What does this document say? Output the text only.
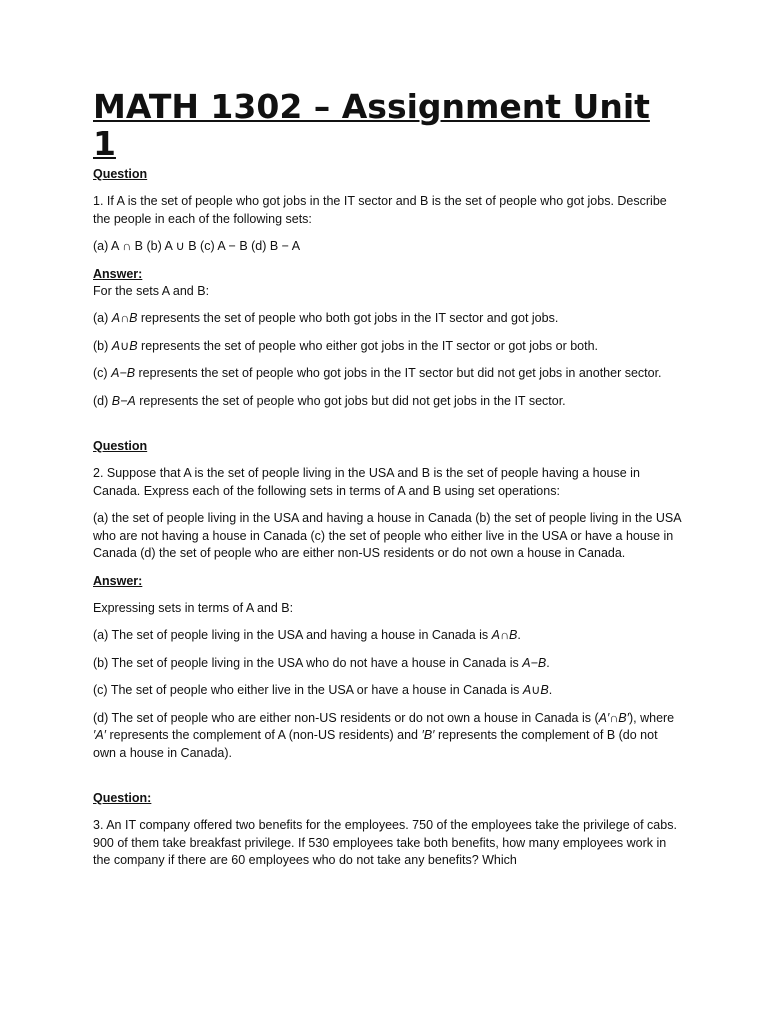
MATH 1302 – Assignment Unit 1
Question

1. If A is the set of people who got jobs in the IT sector and B is the set of people who got jobs. Describe the people in each of the following sets:

(a) A ∩ B (b) A ∪ B (c) A − B (d) B − A

Answer:

For the sets A and B:

(a) A∩B represents the set of people who both got jobs in the IT sector and got jobs.

(b) A∪B represents the set of people who either got jobs in the IT sector or got jobs or both.

(c) A−B represents the set of people who got jobs in the IT sector but did not get jobs in another sector.

(d) B−A represents the set of people who got jobs but did not get jobs in the IT sector.

Question

2. Suppose that A is the set of people living in the USA and B is the set of people having a house in Canada. Express each of the following sets in terms of A and B using set operations:

(a) the set of people living in the USA and having a house in Canada (b) the set of people living in the USA who are not having a house in Canada (c) the set of people who either live in the USA or have a house in Canada (d) the set of people who are either non-US residents or do not own a house in Canada.

Answer:

Expressing sets in terms of A and B:

(a) The set of people living in the USA and having a house in Canada is A∩B.

(b) The set of people living in the USA who do not have a house in Canada is A−B.

(c) The set of people who either live in the USA or have a house in Canada is A∪B.

(d) The set of people who are either non-US residents or do not own a house in Canada is (A′∩B′), where ′A′ represents the complement of A (non-US residents) and ′B′ represents the complement of B (do not own a house in Canada).

Question:

3. An IT company offered two benefits for the employees. 750 of the employees take the privilege of cabs. 900 of them take breakfast privilege. If 530 employees take both benefits, how many employees work in the company if there are 60 employees who do not take any benefits? Which
